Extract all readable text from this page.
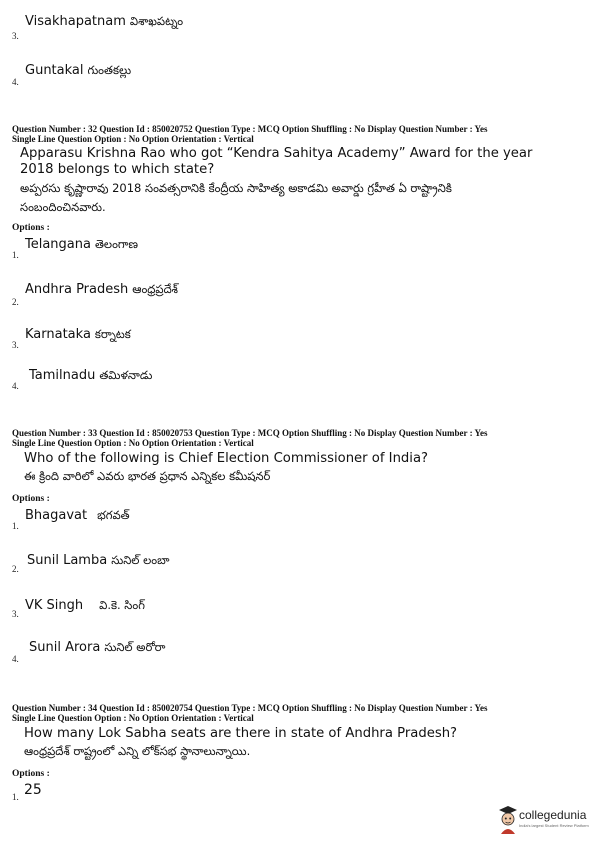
3.
Visakhapatnam విశాఖపట్నం
4.
Guntakal గుంతకల్లు
Question Number : 32 Question Id : 850020752 Question Type : MCQ Option Shuffling : No Display Question Number : Yes
Single Line Question Option : No Option Orientation : Vertical
Apparasu Krishna Rao who got “Kendra Sahitya Academy” Award for the year
2018 belongs to which state?
అప్పరసు కృష్ణారావు 2018 సంవత్సరానికి కేంద్రీయ సాహిత్య అకాడమి అవార్డు గ్రహీత ఏ రాష్ట్రానికి
సంబందించినవారు.
Options :
1.
Telangana తెలంగాణ
2.
Andhra Pradesh ఆంధ్రప్రదేశ్
3.
Karnataka కర్నాటక
4.
Tamilnadu తమిళనాడు
Question Number : 33 Question Id : 850020753 Question Type : MCQ Option Shuffling : No Display Question Number : Yes
Single Line Question Option : No Option Orientation : Vertical
Who of the following is Chief Election Commissioner of India?
ఈ క్రింది వారిలో ఎవరు భారత ప్రధాన ఎన్నికల కమీషనర్
Options :
1.
Bhagavat భగవత్
2.
Sunil Lamba సునిల్ లంబా
3.
VK Singh వి.కె. సింగ్
4.
Sunil Arora సునిల్ అరోరా
Question Number : 34 Question Id : 850020754 Question Type : MCQ Option Shuffling : No Display Question Number : Yes
Single Line Question Option : No Option Orientation : Vertical
How many Lok Sabha seats are there in state of Andhra Pradesh?
ఆంధ్రప్రదేశ్ రాష్ట్రంలో ఎన్ని లోక్‌సభ స్థానాలున్నాయి.
Options :
1. 25
collegedunia
India's largest Student Review Platform
